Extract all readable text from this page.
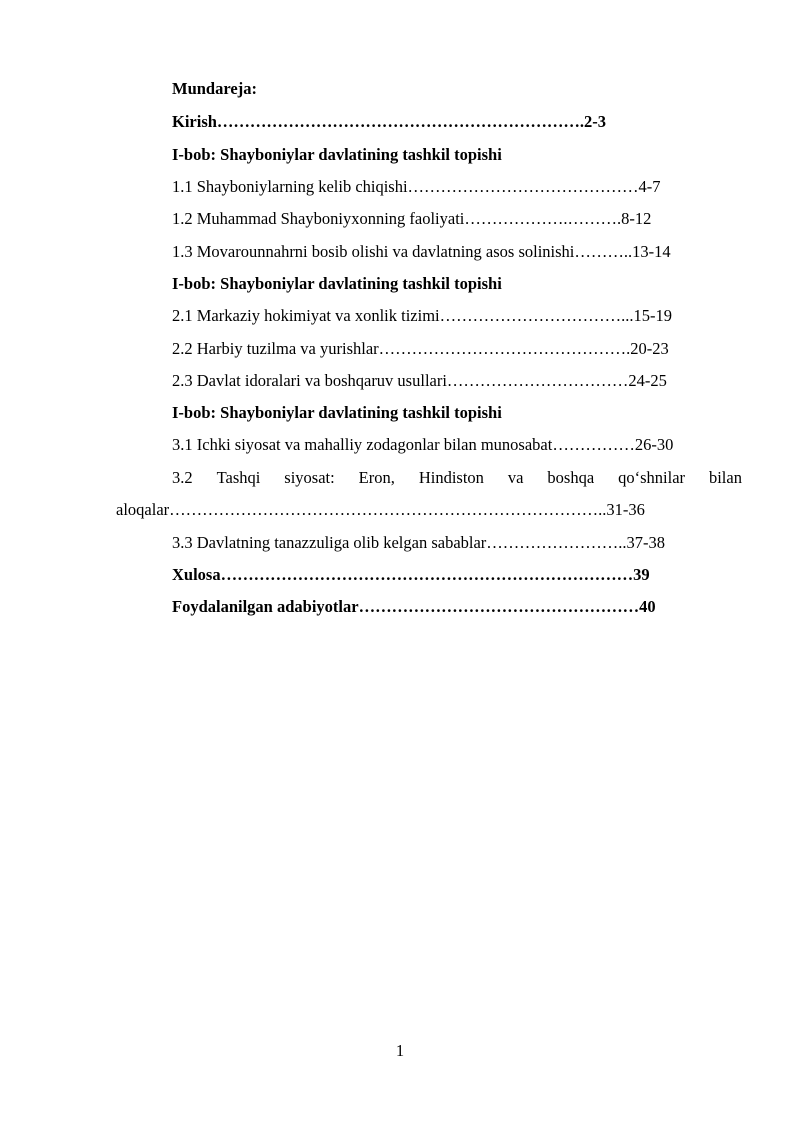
Mundareja:
Kirish………………………………………………………….2-3
I-bob: Shayboniylar davlatining tashkil topishi
1.1 Shayboniylarning kelib chiqishi……………………………………4-7
1.2 Muhammad Shayboniyxonning faoliyati……………….……….8-12
1.3 Movarounnahrni bosib olishi va davlatning asos solinishi………..13-14
I-bob: Shayboniylar davlatining tashkil topishi
2.1 Markaziy hokimiyat va xonlik tizimi……………………………...15-19
2.2 Harbiy tuzilma va yurishlar……………………………………….20-23
2.3 Davlat idoralari va boshqaruv usullari……………………………24-25
I-bob: Shayboniylar davlatining tashkil topishi
3.1 Ichki siyosat va mahalliy zodagonlar bilan munosabat……………26-30
3.2 Tashqi siyosat: Eron, Hindiston va boshqa qo‘shnilar bilan
aloqalar……………………………………………………………………..31-36
3.3 Davlatning tanazzuliga olib kelgan sabablar……………………..37-38
Xulosa…………………………………………………………………39
Foydalanilgan adabiyotlar……………………………………………40
1
